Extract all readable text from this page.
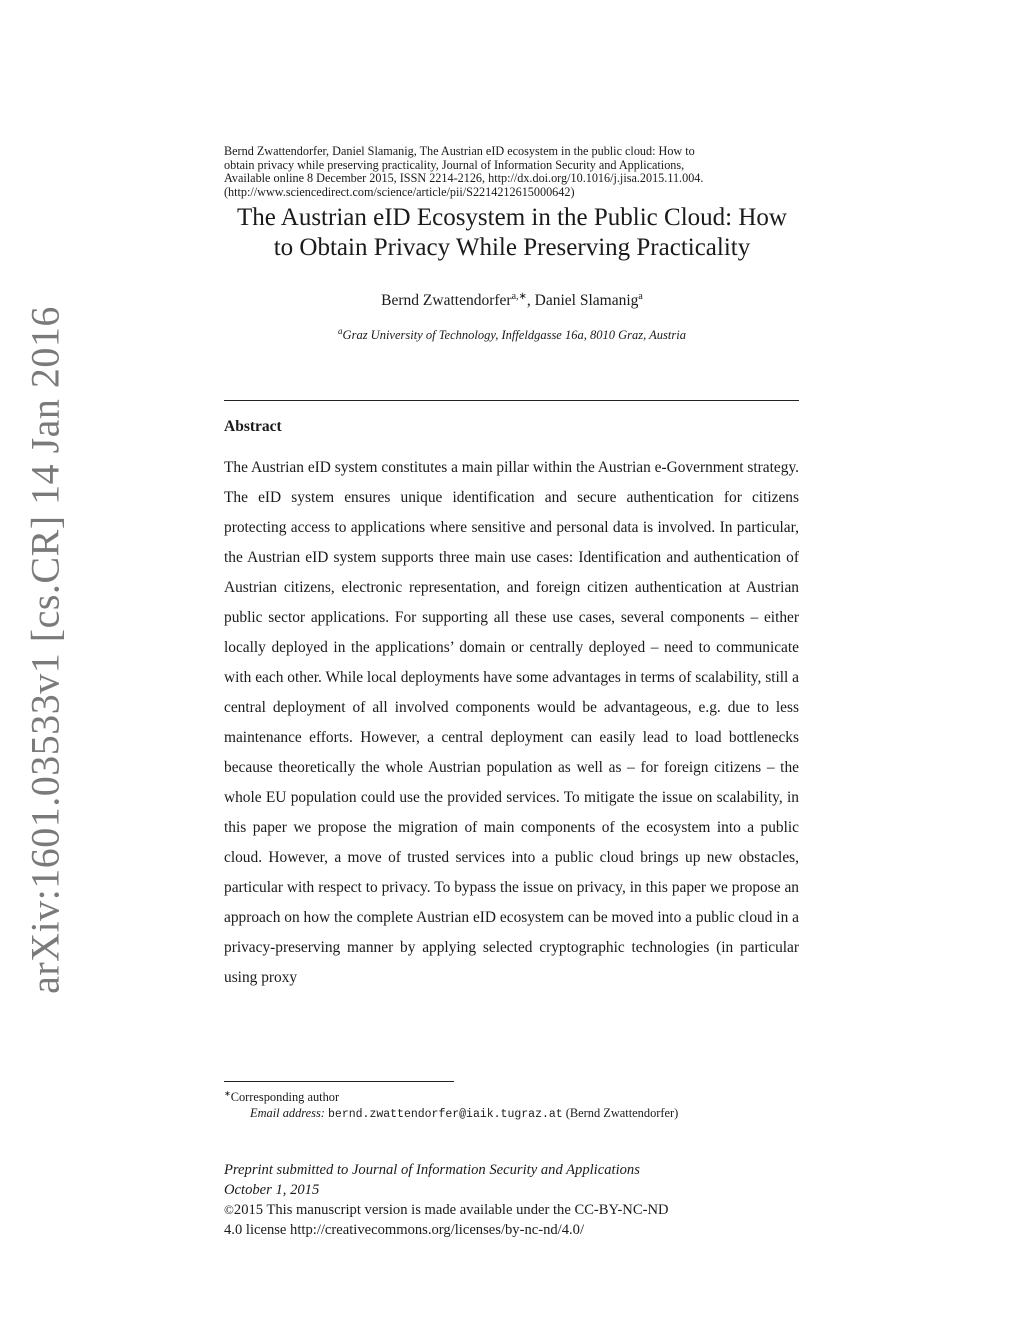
arXiv:1601.03533v1 [cs.CR] 14 Jan 2016
Bernd Zwattendorfer, Daniel Slamanig, The Austrian eID ecosystem in the public cloud: How to
obtain privacy while preserving practicality, Journal of Information Security and Applications,
Available online 8 December 2015, ISSN 2214-2126, http://dx.doi.org/10.1016/j.jisa.2015.11.004.
(http://www.sciencedirect.com/science/article/pii/S2214212615000642)
The Austrian eID Ecosystem in the Public Cloud: How
to Obtain Privacy While Preserving Practicality
Bernd Zwattendorfer$^{a,∗}$, Daniel Slamanig$^a$
$^a$Graz University of Technology, Inffeldgasse 16a, 8010 Graz, Austria
Abstract
The Austrian eID system constitutes a main pillar within the Austrian e-Government strategy. The eID system ensures unique identification and secure authentication for citizens protecting access to applications where sensitive and personal data is involved. In particular, the Austrian eID system supports three main use cases: Identification and authentication of Austrian citizens, electronic representation, and foreign citizen authentication at Austrian public sector applications. For supporting all these use cases, several components – either locally deployed in the applications’ domain or centrally deployed – need to communicate with each other. While local deployments have some advantages in terms of scalability, still a central deployment of all involved components would be advantageous, e.g. due to less maintenance efforts. However, a central deployment can easily lead to load bottlenecks because theoretically the whole Austrian population as well as – for foreign citizens – the whole EU population could use the provided services. To mitigate the issue on scalability, in this paper we propose the migration of main components of the ecosystem into a public cloud. However, a move of trusted services into a public cloud brings up new obstacles, particular with respect to privacy. To bypass the issue on privacy, in this paper we propose an approach on how the complete Austrian eID ecosystem can be moved into a public cloud in a privacy-preserving manner by applying selected cryptographic technologies (in particular using proxy
∗Corresponding author
Email address: bernd.zwattendorfer@iaik.tugraz.at (Bernd Zwattendorfer)
Preprint submitted to Journal of Information Security and Applications
October 1, 2015
©2015 This manuscript version is made available under the CC-BY-NC-ND
4.0 license http://creativecommons.org/licenses/by-nc-nd/4.0/
